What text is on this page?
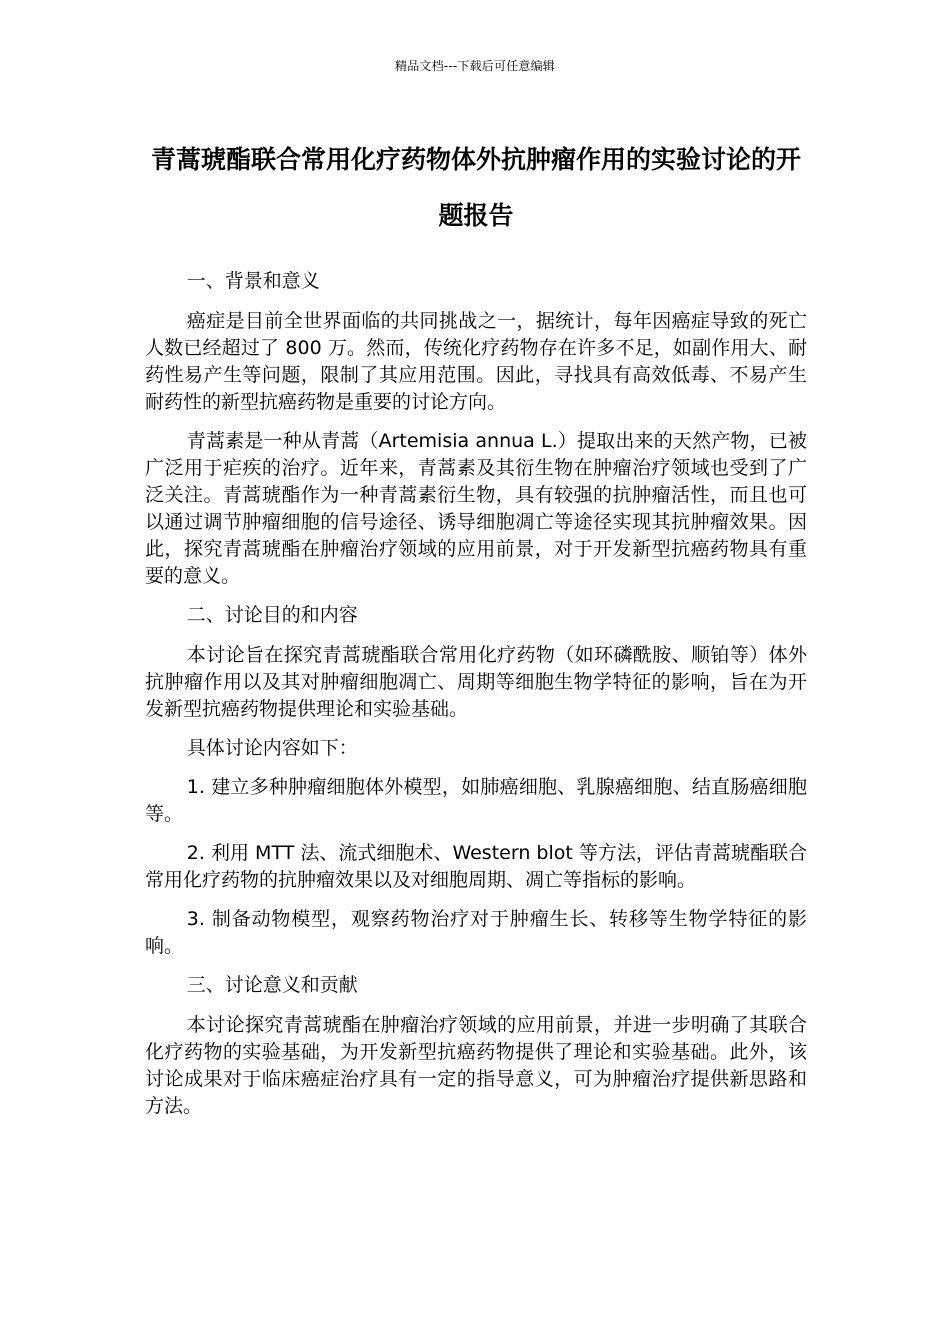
精品文档---下载后可任意编辑
青蒿琥酯联合常用化疗药物体外抗肿瘤作用的实验讨论的开题报告
一、背景和意义

癌症是目前全世界面临的共同挑战之一，据统计，每年因癌症导致的死亡人数已经超过了 800 万。然而，传统化疗药物存在许多不足，如副作用大、耐药性易产生等问题，限制了其应用范围。因此，寻找具有高效低毒、不易产生耐药性的新型抗癌药物是重要的讨论方向。

青蒿素是一种从青蒿（Artemisia annua L.）提取出来的天然产物，已被广泛用于疟疾的治疗。近年来，青蒿素及其衍生物在肿瘤治疗领域也受到了广泛关注。青蒿琥酯作为一种青蒿素衍生物，具有较强的抗肿瘤活性，而且也可以通过调节肿瘤细胞的信号途径、诱导细胞凋亡等途径实现其抗肿瘤效果。因此，探究青蒿琥酯在肿瘤治疗领域的应用前景，对于开发新型抗癌药物具有重要的意义。

二、讨论目的和内容

本讨论旨在探究青蒿琥酯联合常用化疗药物（如环磷酰胺、顺铂等）体外抗肿瘤作用以及其对肿瘤细胞凋亡、周期等细胞生物学特征的影响，旨在为开发新型抗癌药物提供理论和实验基础。

具体讨论内容如下：

1. 建立多种肿瘤细胞体外模型，如肺癌细胞、乳腺癌细胞、结直肠癌细胞等。

2. 利用 MTT 法、流式细胞术、Western blot 等方法，评估青蒿琥酯联合常用化疗药物的抗肿瘤效果以及对细胞周期、凋亡等指标的影响。

3. 制备动物模型，观察药物治疗对于肿瘤生长、转移等生物学特征的影响。

三、讨论意义和贡献

本讨论探究青蒿琥酯在肿瘤治疗领域的应用前景，并进一步明确了其联合化疗药物的实验基础，为开发新型抗癌药物提供了理论和实验基础。此外，该讨论成果对于临床癌症治疗具有一定的指导意义，可为肿瘤治疗提供新思路和方法。
